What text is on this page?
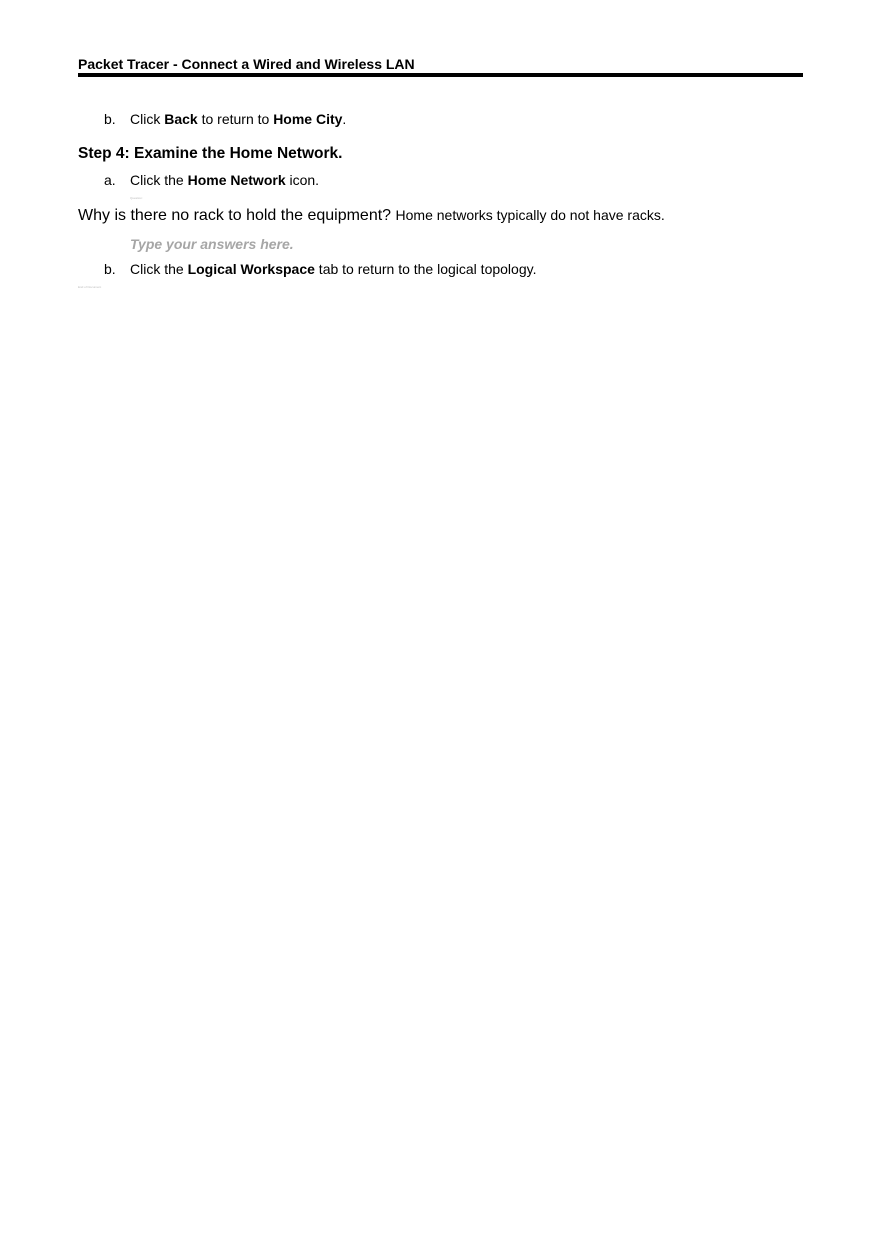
Packet Tracer - Connect a Wired and Wireless LAN
b. Click Back to return to Home City.
Step 4: Examine the Home Network.
a. Click the Home Network icon.
Question:
Why is there no rack to hold the equipment? Home networks typically do not have racks.
Type your answers here.
b. Click the Logical Workspace tab to return to the logical topology.
End of Document
